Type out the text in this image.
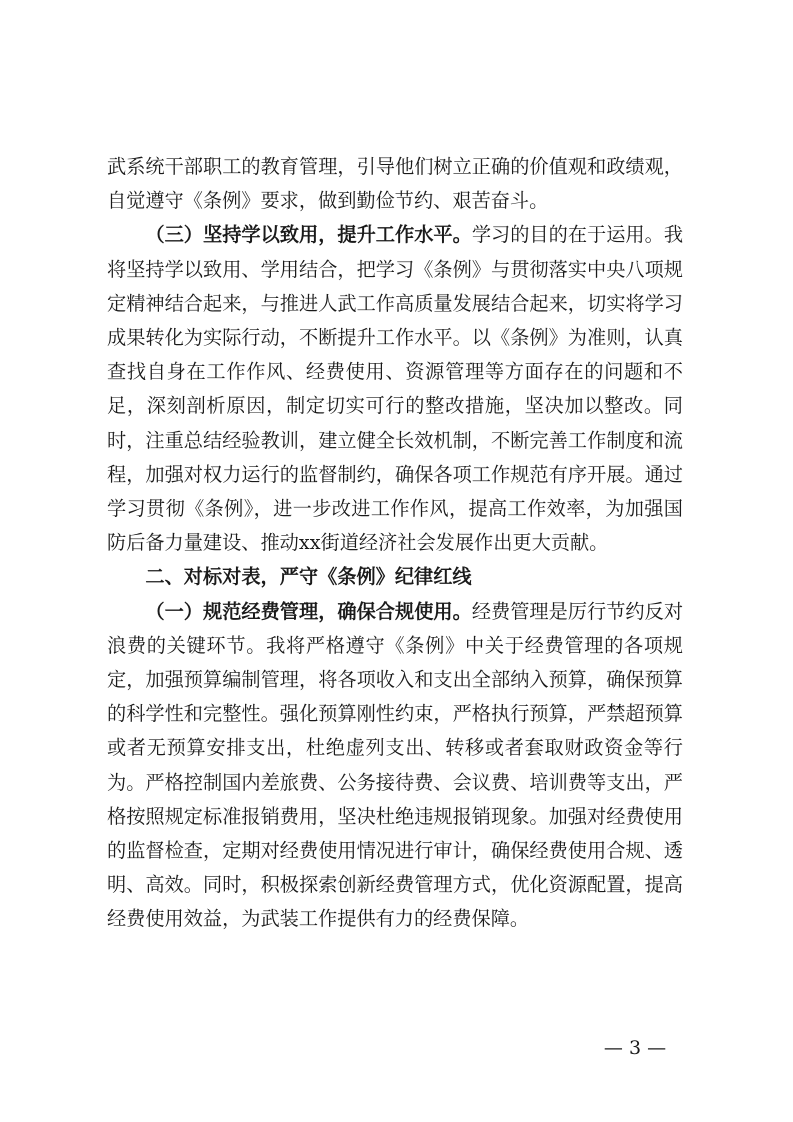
武系统干部职工的教育管理，引导他们树立正确的价值观和政绩观，自觉遵守《条例》要求，做到勤俭节约、艰苦奋斗。

（三）坚持学以致用，提升工作水平。学习的目的在于运用。我将坚持学以致用、学用结合，把学习《条例》与贯彻落实中央八项规定精神结合起来，与推进人武工作高质量发展结合起来，切实将学习成果转化为实际行动，不断提升工作水平。以《条例》为准则，认真查找自身在工作作风、经费使用、资源管理等方面存在的问题和不足，深刻剖析原因，制定切实可行的整改措施，坚决加以整改。同时，注重总结经验教训，建立健全长效机制，不断完善工作制度和流程，加强对权力运行的监督制约，确保各项工作规范有序开展。通过学习贯彻《条例》，进一步改进工作作风，提高工作效率，为加强国防后备力量建设、推动xx街道经济社会发展作出更大贡献。

二、对标对表，严守《条例》纪律红线

（一）规范经费管理，确保合规使用。经费管理是厉行节约反对浪费的关键环节。我将严格遵守《条例》中关于经费管理的各项规定，加强预算编制管理，将各项收入和支出全部纳入预算，确保预算的科学性和完整性。强化预算刚性约束，严格执行预算，严禁超预算或者无预算安排支出，杜绝虚列支出、转移或者套取财政资金等行为。严格控制国内差旅费、公务接待费、会议费、培训费等支出，严格按照规定标准报销费用，坚决杜绝违规报销现象。加强对经费使用的监督检查，定期对经费使用情况进行审计，确保经费使用合规、透明、高效。同时，积极探索创新经费管理方式，优化资源配置，提高经费使用效益，为武装工作提供有力的经费保障。

— 3 —
